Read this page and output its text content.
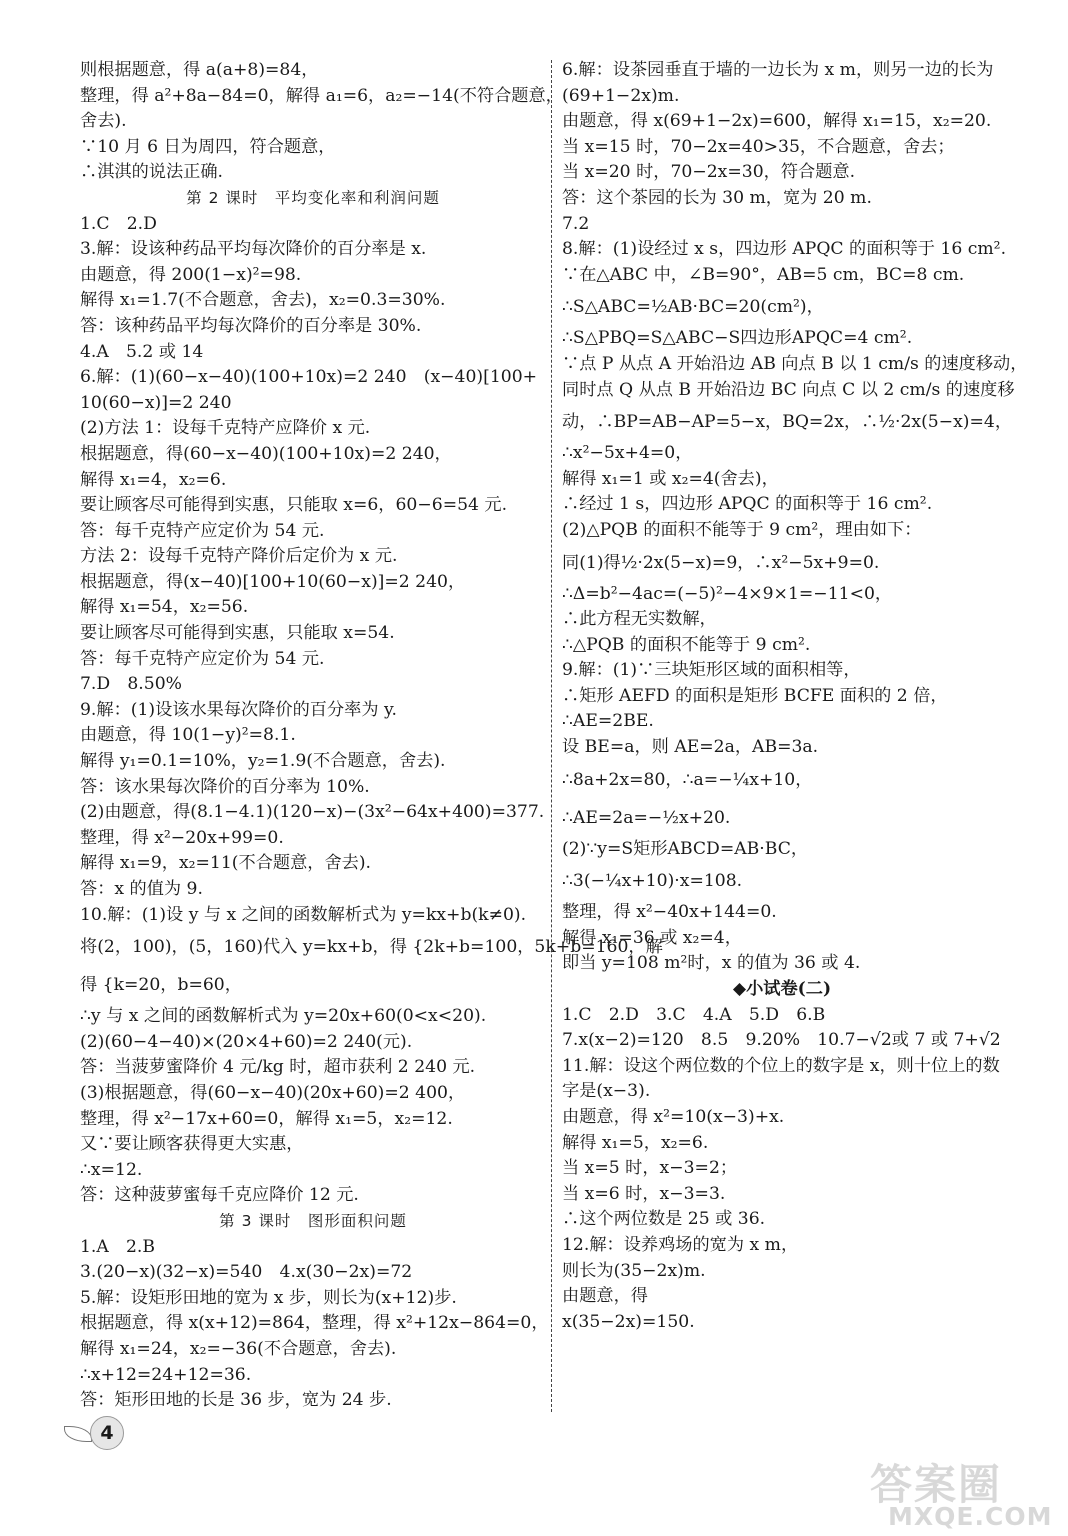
则根据题意，得 a(a+8)=84，
整理，得 a²+8a−84=0，解得 a₁=6，a₂=−14(不符合题意，
舍去).
∵10 月 6 日为周四，符合题意，
∴淇淇的说法正确.
第 2 课时　平均变化率和利润问题
1.C　2.D
3.解：设该种药品平均每次降价的百分率是 x.
由题意，得 200(1−x)²=98.
解得 x₁=1.7(不合题意，舍去)，x₂=0.3=30%.
答：该种药品平均每次降价的百分率是 30%.
4.A　5.2 或 14
6.解：(1)(60−x−40)(100+10x)=2 240　(x−40)[100+
10(60−x)]=2 240
(2)方法 1：设每千克特产应降价 x 元.
根据题意，得(60−x−40)(100+10x)=2 240，
解得 x₁=4，x₂=6.
要让顾客尽可能得到实惠，只能取 x=6，60−6=54 元.
答：每千克特产应定价为 54 元.
方法 2：设每千克特产降价后定价为 x 元.
根据题意，得(x−40)[100+10(60−x)]=2 240，
解得 x₁=54，x₂=56.
要让顾客尽可能得到实惠，只能取 x=54.
答：每千克特产应定价为 54 元.
7.D　8.50%
9.解：(1)设该水果每次降价的百分率为 y.
由题意，得 10(1−y)²=8.1.
解得 y₁=0.1=10%，y₂=1.9(不合题意，舍去).
答：该水果每次降价的百分率为 10%.
(2)由题意，得(8.1−4.1)(120−x)−(3x²−64x+400)=377.
整理，得 x²−20x+99=0.
解得 x₁=9，x₂=11(不合题意，舍去).
答：x 的值为 9.
10.解：(1)设 y 与 x 之间的函数解析式为 y=kx+b(k≠0).
将(2，100)，(5，160)代入 y=kx+b，得 {2k+b=100，5k+b=160，解
得 {k=20，b=60，
∴y 与 x 之间的函数解析式为 y=20x+60(0<x<20).
(2)(60−4−40)×(20×4+60)=2 240(元).
答：当菠萝蜜降价 4 元/kg 时，超市获利 2 240 元.
(3)根据题意，得(60−x−40)(20x+60)=2 400，
整理，得 x²−17x+60=0，解得 x₁=5，x₂=12.
又∵要让顾客获得更大实惠，
∴x=12.
答：这种菠萝蜜每千克应降价 12 元.
第 3 课时　图形面积问题
1.A　2.B
3.(20−x)(32−x)=540　4.x(30−2x)=72
5.解：设矩形田地的宽为 x 步，则长为(x+12)步.
根据题意，得 x(x+12)=864，整理，得 x²+12x−864=0，
解得 x₁=24，x₂=−36(不合题意，舍去).
∴x+12=24+12=36.
答：矩形田地的长是 36 步，宽为 24 步.
6.解：设茶园垂直于墙的一边长为 x m，则另一边的长为
(69+1−2x)m.
由题意，得 x(69+1−2x)=600，解得 x₁=15，x₂=20.
当 x=15 时，70−2x=40>35，不合题意，舍去；
当 x=20 时，70−2x=30，符合题意.
答：这个茶园的长为 30 m，宽为 20 m.
7.2
8.解：(1)设经过 x s，四边形 APQC 的面积等于 16 cm².
∵在△ABC 中，∠B=90°，AB=5 cm，BC=8 cm.
∴S△ABC=½AB·BC=20(cm²)，
∴S△PBQ=S△ABC−S四边形APQC=4 cm².
∵点 P 从点 A 开始沿边 AB 向点 B 以 1 cm/s 的速度移动，
同时点 Q 从点 B 开始沿边 BC 向点 C 以 2 cm/s 的速度移
动，∴BP=AB−AP=5−x，BQ=2x，∴½·2x(5−x)=4，
∴x²−5x+4=0，
解得 x₁=1 或 x₂=4(舍去)，
∴经过 1 s，四边形 APQC 的面积等于 16 cm².
(2)△PQB 的面积不能等于 9 cm²，理由如下：
同(1)得½·2x(5−x)=9，∴x²−5x+9=0.
∴Δ=b²−4ac=(−5)²−4×9×1=−11<0，
∴此方程无实数解，
∴△PQB 的面积不能等于 9 cm².
9.解：(1)∵三块矩形区域的面积相等，
∴矩形 AEFD 的面积是矩形 BCFE 面积的 2 倍，
∴AE=2BE.
设 BE=a，则 AE=2a，AB=3a.
∴8a+2x=80，∴a=−¼x+10，
∴AE=2a=−½x+20.
(2)∵y=S矩形ABCD=AB·BC，
∴3(−¼x+10)·x=108.
整理，得 x²−40x+144=0.
解得 x₁=36 或 x₂=4，
即当 y=108 m²时，x 的值为 36 或 4.
◆小试卷(二)
1.C　2.D　3.C　4.A　5.D　6.B
7.x(x−2)=120　8.5　9.20%　10.7−√2或 7 或 7+√2
11.解：设这个两位数的个位上的数字是 x，则十位上的数
字是(x−3).
由题意，得 x²=10(x−3)+x.
解得 x₁=5，x₂=6.
当 x=5 时，x−3=2；
当 x=6 时，x−3=3.
∴这个两位数是 25 或 36.
12.解：设养鸡场的宽为 x m，
则长为(35−2x)m.
由题意，得
x(35−2x)=150.
4
答案圈
MXQE.COM
